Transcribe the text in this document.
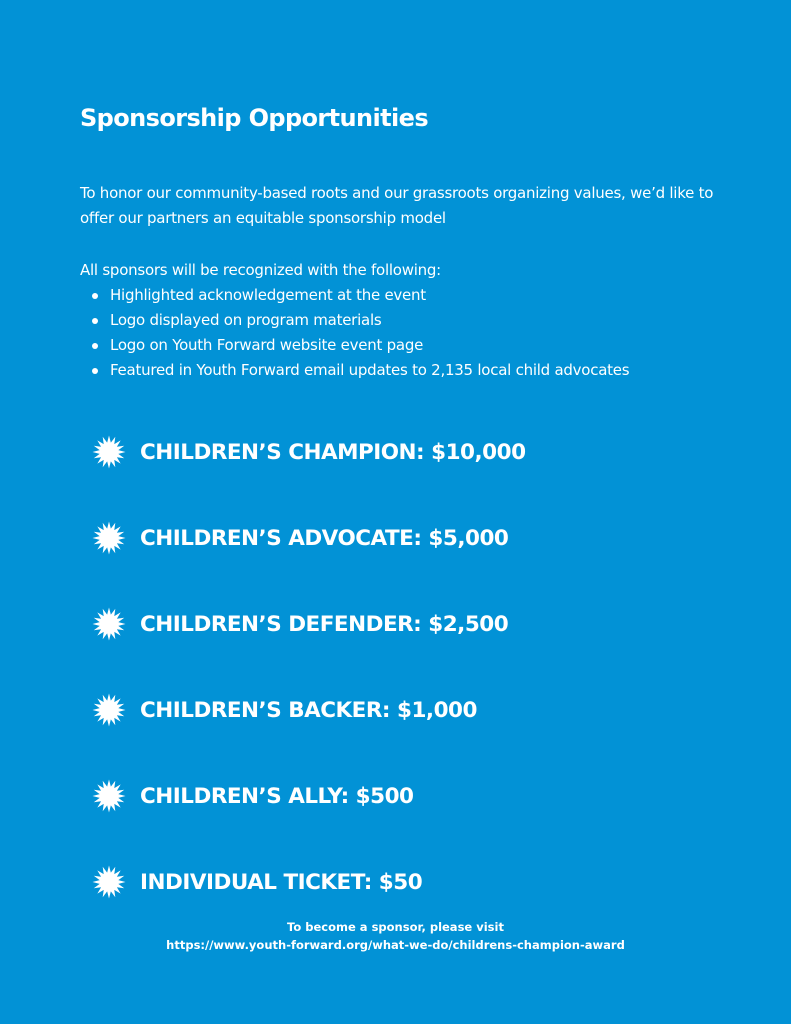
Sponsorship Opportunities

To honor our community-based roots and our grassroots organizing values, we’d like to offer our partners an equitable sponsorship model

All sponsors will be recognized with the following:

Highlighted acknowledgement at the event
Logo displayed on program materials
Logo on Youth Forward website event page
Featured in Youth Forward email updates to 2,135 local child advocates
CHILDREN’S CHAMPION: $10,000
CHILDREN’S ADVOCATE: $5,000
CHILDREN’S DEFENDER: $2,500
CHILDREN’S BACKER: $1,000
CHILDREN’S ALLY: $500
INDIVIDUAL TICKET: $50

To become a sponsor, please visit

https://www.youth-forward.org/what-we-do/childrens-champion-award
